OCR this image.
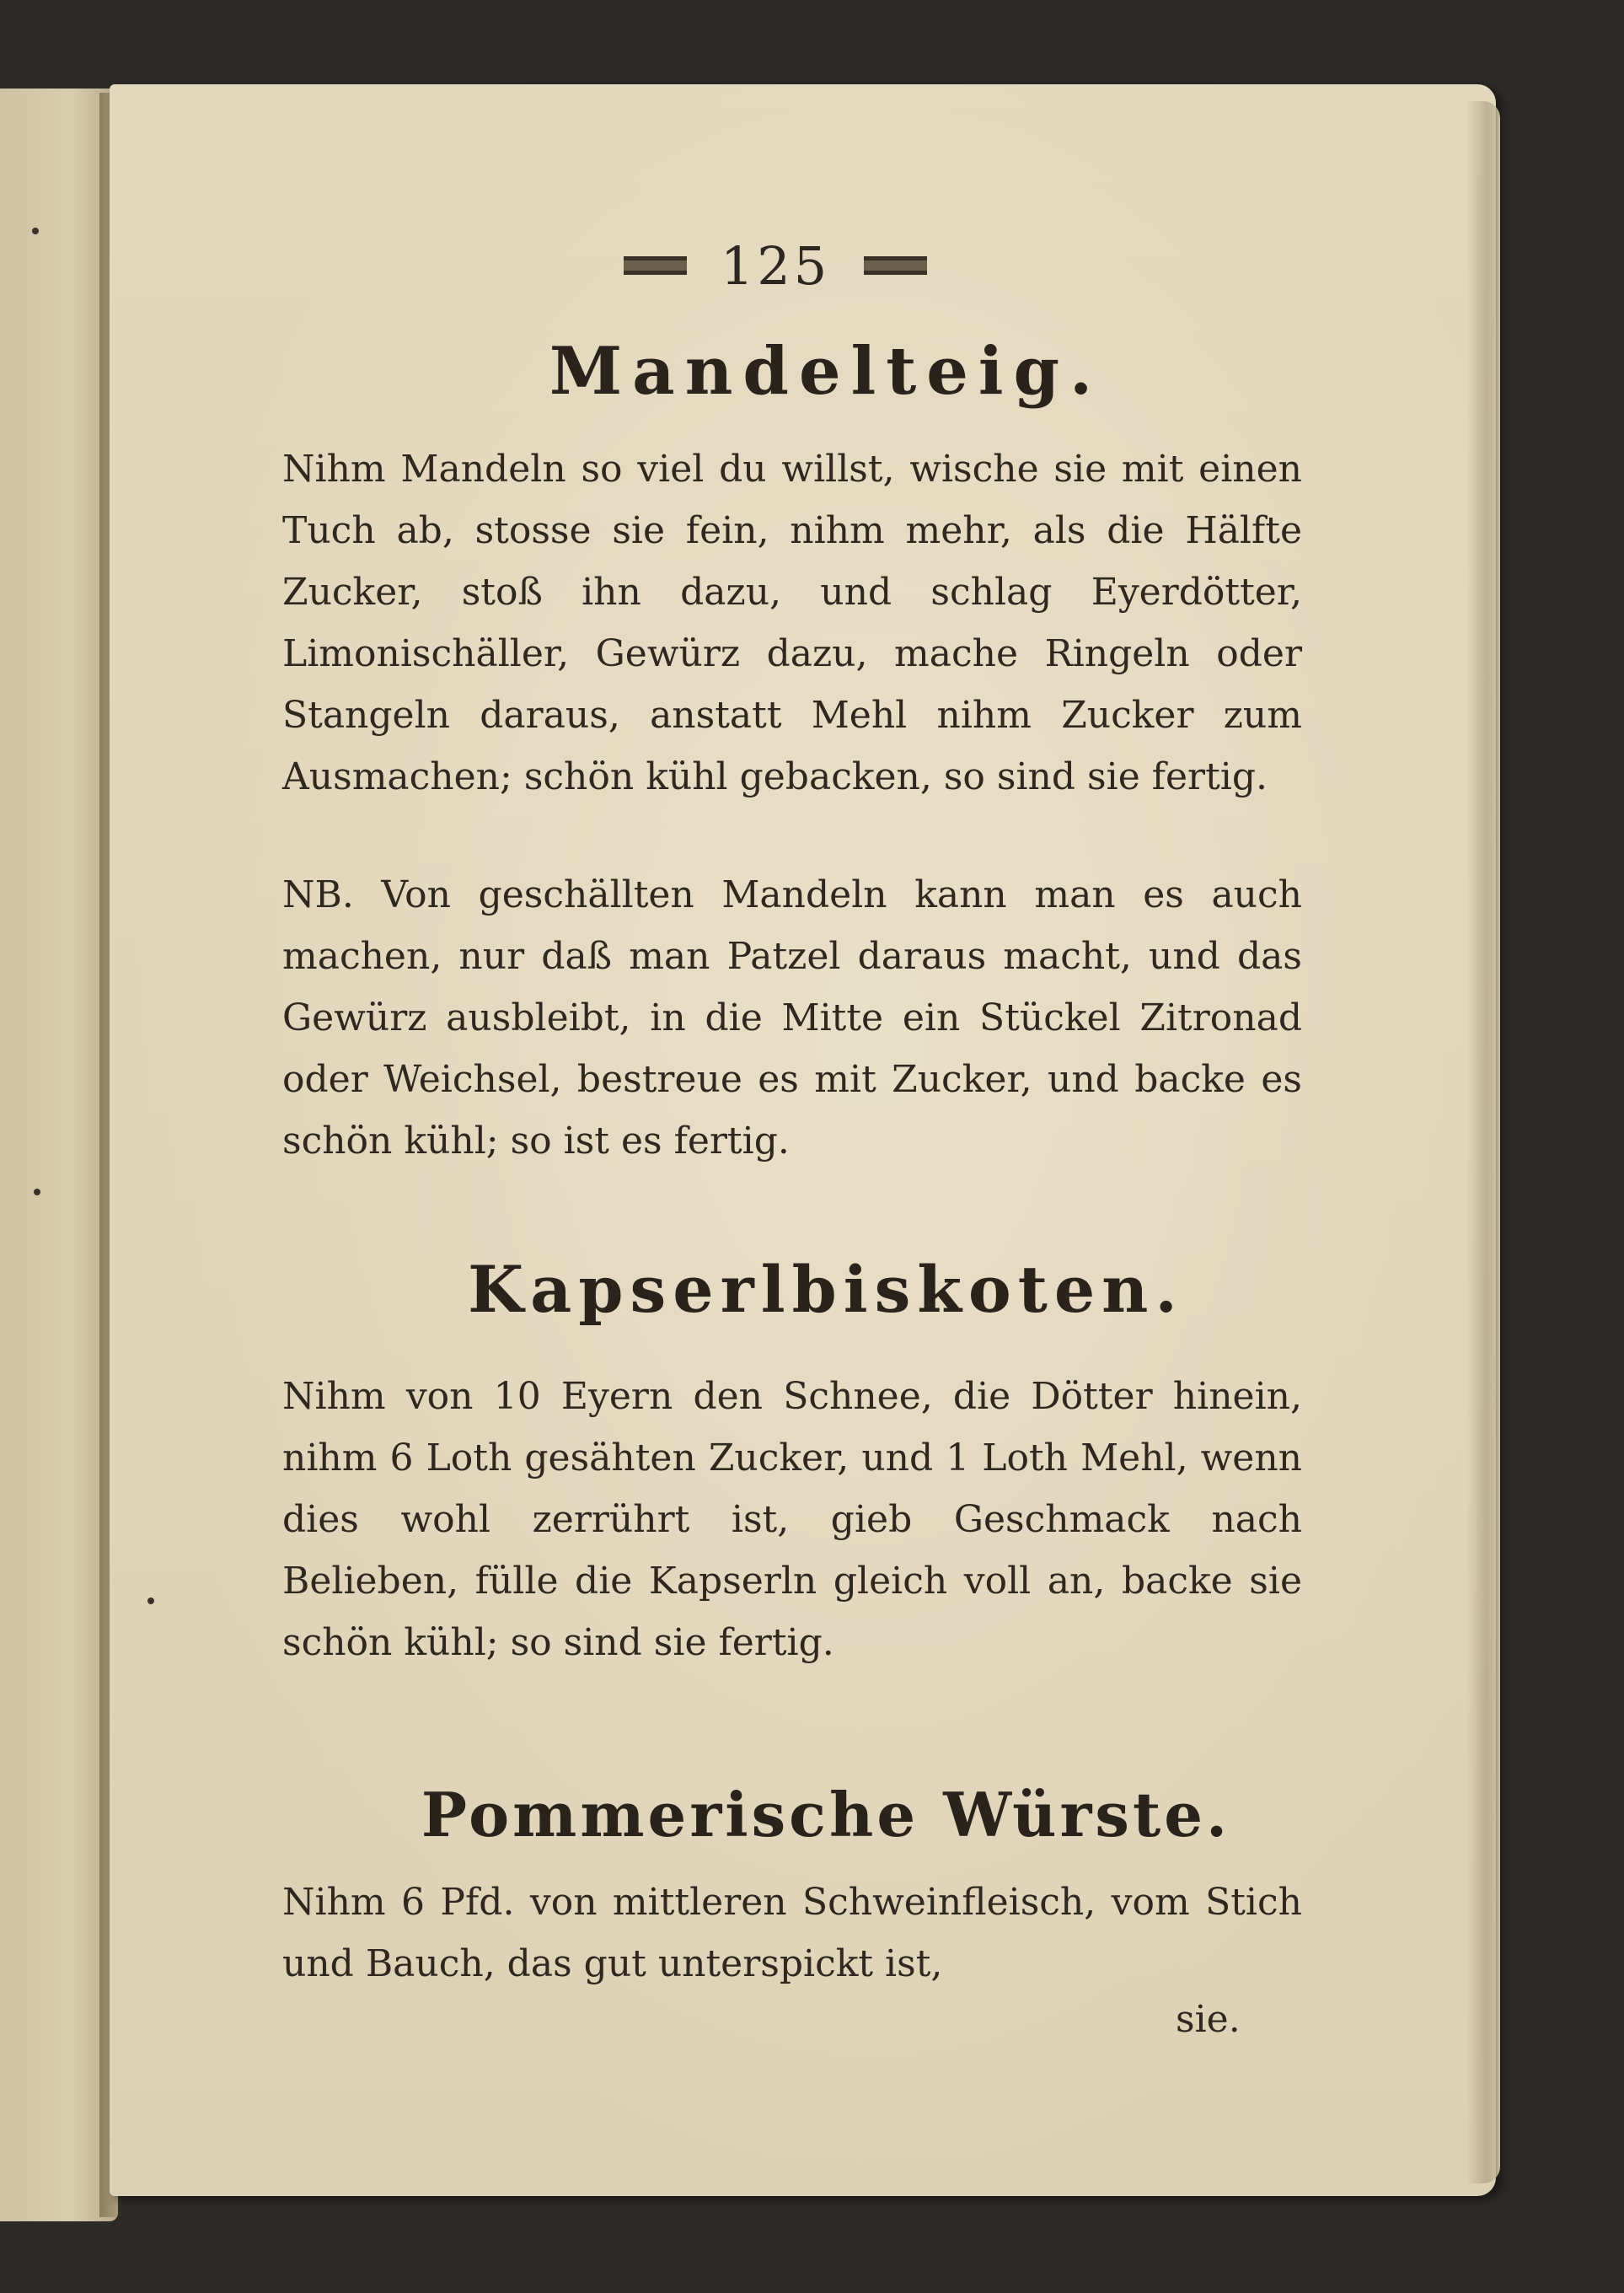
125
Mandelteig.
Nihm Mandeln so viel du willst, wische sie mit einen Tuch ab, stosse sie fein, nihm mehr, als die Hälfte Zucker, stoß ihn dazu, und schlag Eyerdötter, Limonischäller, Gewürz dazu, mache Ringeln oder Stangeln daraus, anstatt Mehl nihm Zucker zum Ausmachen; schön kühl gebacken, so sind sie fertig.
NB. Von geschällten Mandeln kann man es auch machen, nur daß man Patzel daraus macht, und das Gewürz ausbleibt, in die Mitte ein Stückel Zitronad oder Weichsel, bestreue es mit Zucker, und backe es schön kühl; so ist es fertig.
Kapserlbiskoten.
Nihm von 10 Eyern den Schnee, die Dötter hinein, nihm 6 Loth gesähten Zucker, und 1 Loth Mehl, wenn dies wohl zerrührt ist, gieb Geschmack nach Belieben, fülle die Kapserln gleich voll an, backe sie schön kühl; so sind sie fertig.
Pommerische Würste.
Nihm 6 Pfd. von mittleren Schweinfleisch, vom Stich und Bauch, das gut unterspickt ist,
sie.
